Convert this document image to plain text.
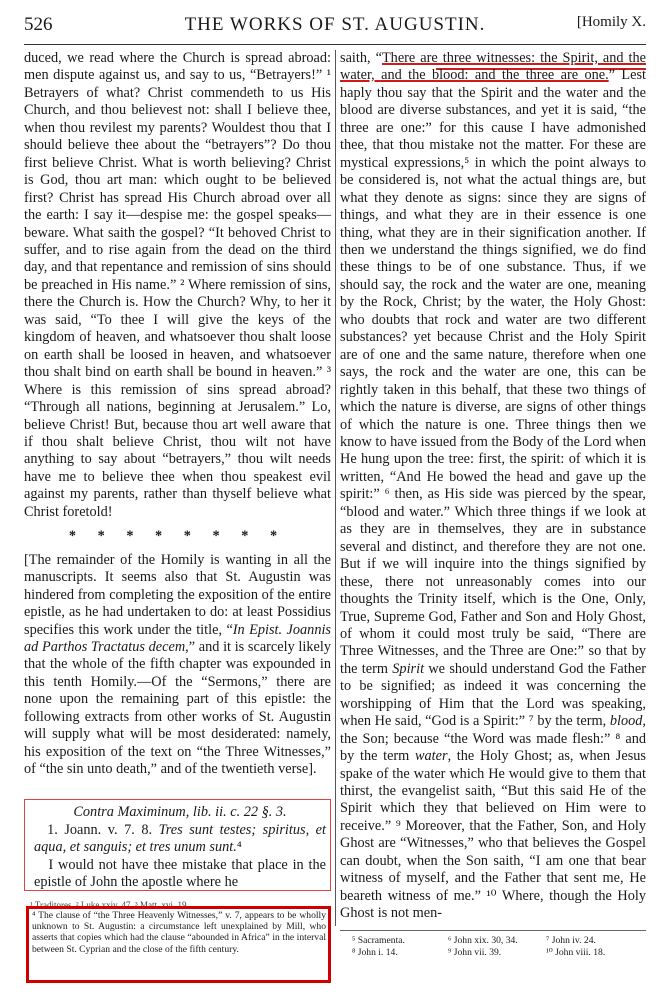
526	THE WORKS OF ST. AUGUSTIN.	[Homily X.

duced, we read where the Church is spread abroad: men dispute against us, and say to us, “Betrayers!” ¹ Betrayers of what? Christ commendeth to us His Church, and thou believest not: shall I believe thee, when thou revilest my parents? Wouldest thou that I should believe thee about the “betrayers”? Do thou first believe Christ. What is worth believing? Christ is God, thou art man: which ought to be believed first? Christ has spread His Church abroad over all the earth: I say it—despise me: the gospel speaks—beware. What saith the gospel? “It behoved Christ to suffer, and to rise again from the dead on the third day, and that repentance and remission of sins should be preached in His name.” ² Where remission of sins, there the Church is. How the Church? Why, to her it was said, “To thee I will give the keys of the kingdom of heaven, and whatsoever thou shalt loose on earth shall be loosed in heaven, and whatsoever thou shalt bind on earth shall be bound in heaven.” ³ Where is this remission of sins spread abroad? “Through all nations, beginning at Jerusalem.” Lo, believe Christ! But, because thou art well aware that if thou shalt believe Christ, thou wilt not have anything to say about “betrayers,” thou wilt needs have me to believe thee when thou speakest evil against my parents, rather than thyself believe what Christ foretold!

* * * * * * * *

[The remainder of the Homily is wanting in all the manuscripts. It seems also that St. Augustin was hindered from completing the exposition of the entire epistle, as he had undertaken to do: at least Possidius specifies this work under the title, “In Epist. Joannis ad Parthos Tractatus decem,” and it is scarcely likely that the whole of the fifth chapter was expounded in this tenth Homily.—Of the “Sermons,” there are none upon the remaining part of this epistle: the following extracts from other works of St. Augustin will supply what will be most desiderated: namely, his exposition of the text on “the Three Witnesses,” of “the sin unto death,” and of the twentieth verse].

Contra Maximinum, lib. ii. c. 22 §. 3.
1. Joann. v. 7. 8. Tres sunt testes; spiritus, et aqua, et sanguis; et tres unum sunt.⁴
I would not have thee mistake that place in the epistle of John the apostle where he
¹ Traditores. ² Luke xxiv. 47. ³ Matt. xvi. 19.
⁴ The clause of “the Three Heavenly Witnesses,” v. 7, appears to be wholly unknown to St. Augustin: a circumstance left unexplained by Mill, who asserts that copies which had the clause “abounded in Africa” in the interval between St. Cyprian and the close of the fifth century.

saith, “There are three witnesses: the Spirit, and the water, and the blood: and the three are one.” Lest haply thou say that the Spirit and the water and the blood are diverse substances, and yet it is said, “the three are one:” for this cause I have admonished thee, that thou mistake not the matter. For these are mystical expressions,⁵ in which the point always to be considered is, not what the actual things are, but what they denote as signs: since they are signs of things, and what they are in their essence is one thing, what they are in their signification another. If then we understand the things signified, we do find these things to be of one substance. Thus, if we should say, the rock and the water are one, meaning by the Rock, Christ; by the water, the Holy Ghost: who doubts that rock and water are two different substances? yet because Christ and the Holy Spirit are of one and the same nature, therefore when one says, the rock and the water are one, this can be rightly taken in this behalf, that these two things of which the nature is diverse, are signs of other things of which the nature is one. Three things then we know to have issued from the Body of the Lord when He hung upon the tree: first, the spirit: of which it is written, “And He bowed the head and gave up the spirit:” ⁶ then, as His side was pierced by the spear, “blood and water.” Which three things if we look at as they are in themselves, they are in substance several and distinct, and therefore they are not one. But if we will inquire into the things signified by these, there not unreasonably comes into our thoughts the Trinity itself, which is the One, Only, True, Supreme God, Father and Son and Holy Ghost, of whom it could most truly be said, “There are Three Witnesses, and the Three are One:” so that by the term Spirit we should understand God the Father to be signified; as indeed it was concerning the worshipping of Him that the Lord was speaking, when He said, “God is a Spirit:” ⁷ by the term, blood, the Son; because “the Word was made flesh:” ⁸ and by the term water, the Holy Ghost; as, when Jesus spake of the water which He would give to them that thirst, the evangelist saith, “But this said He of the Spirit which they that believed on Him were to receive.” ⁹ Moreover, that the Father, Son, and Holy Ghost are “Witnesses,” who that believes the Gospel can doubt, when the Son saith, “I am one that bear witness of myself, and the Father that sent me, He beareth witness of me.” ¹⁰ Where, though the Holy Ghost is not men-

⁵ Sacramenta.	⁶ John xix. 30, 34.	⁷ John iv. 24.
⁸ John i. 14.	⁹ John vii. 39.	¹⁰ John viii. 18.
